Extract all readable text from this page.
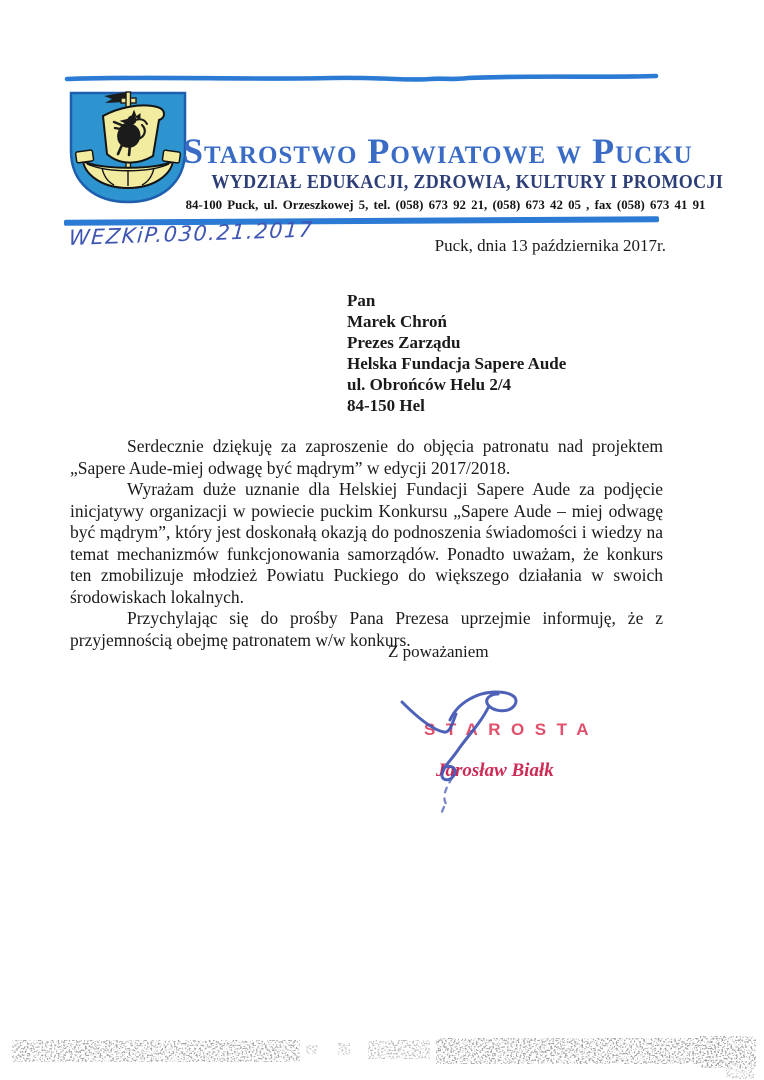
Starostwo Powiatowe w Pucku
WYDZIAŁ EDUKACJI, ZDROWIA, KULTURY I PROMOCJI
84-100 Puck, ul. Orzeszkowej 5, tel. (058) 673 92 21, (058) 673 42 05 , fax (058) 673 41 91
WEZKiP.030.21.2017	Puck, dnia 13 października 2017r.
Pan
Marek Chroń
Prezes Zarządu
Helska Fundacja Sapere Aude
ul. Obrońców Helu 2/4
84-150 Hel

Serdecznie dziękuję za zaproszenie do objęcia patronatu nad projektem „Sapere Aude-miej odwagę być mądrym” w edycji 2017/2018.

Wyrażam duże uznanie dla Helskiej Fundacji Sapere Aude za podjęcie inicjatywy organizacji w powiecie puckim Konkursu „Sapere Aude – miej odwagę być mądrym”, który jest doskonałą okazją do podnoszenia świadomości i wiedzy na temat mechanizmów funkcjonowania samorządów. Ponadto uważam, że konkurs ten zmobilizuje młodzież Powiatu Puckiego do większego działania w swoich środowiskach lokalnych.

Przychylając się do prośby Pana Prezesa uprzejmie informuję, że z przyjemnością obejmę patronatem w/w konkurs.

Z poważaniem
STAROSTA
Jarosław Białk
